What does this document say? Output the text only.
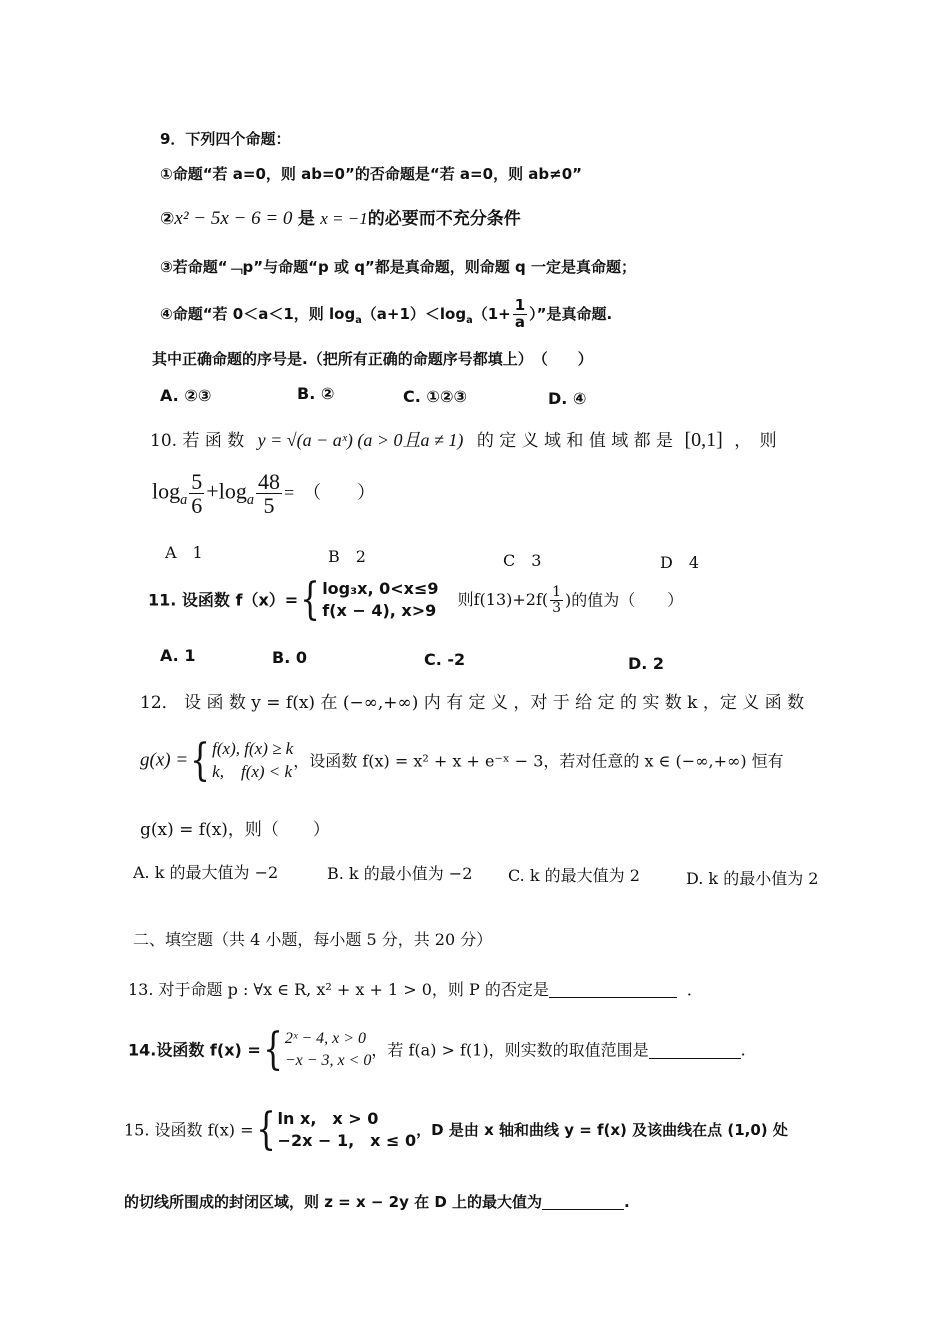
9．下列四个命题：
①命题“若 a=0，则 ab=0”的否命题是“若 a=0，则 ab≠0”
②x² − 5x − 6 = 0 是 x = −1的必要而不充分条件
③若命题“﹁p”与命题“p 或 q”都是真命题，则命题 q 一定是真命题；
④命题“若 0＜a＜1，则 $\log_a(a+1)<\log_a(1+ \frac{1}{a}$ ）”是真命题.
其中正确命题的序号是.（把所有正确的命题序号都填上）　（　　）
A. ②③	B. ②	C. ①②③	D. ④
10. 若 函 数 y = √(a − aˣ) (a > 0且a ≠ 1) 的 定 义 域 和 值 域 都 是 [0,1] ，　则
$\log_a \frac{5}{6} +\log_a \frac{48}{5}$ =　（　　）
A　1	B　2	C　3	D　4
11. 设函数 f（x）={ log₃x, 0<x≤9
f(x − 4), x>9
则$f(13)+2f( \frac{1}{3}$ )的值为（　　）
A. 1	B. 0	C. -2	D. 2
12． 设 函 数 y = f(x) 在 (−∞,+∞) 内 有 定 义 ，对 于 给 定 的 实 数 k ，定 义 函 数
g(x) ={ f(x), f(x) ≥ k
k,　f(x) < k
，设函数 f(x) = x² + x + e⁻ˣ − 3，若对任意的 x ∈ (−∞,+∞) 恒有
g(x) = f(x)，则（　　）
A. k 的最大值为 −2	B. k 的最小值为 −2 C. k 的最大值为 2	D. k 的最小值为 2
二、填空题（共 4 小题，每小题 5 分，共 20 分）
13. 对于命题 p : ∀x ∈ R, x² + x + 1 > 0，则 P 的否定是	．
14.设函数 f(x) ={ 2ˣ − 4, x > 0
−x − 3, x < 0
，若 f(a) > f(1)，则实数的取值范围是	.
15. 设函数 f(x) ={ ln x,　x > 0
−2x − 1,　x ≤ 0
，D 是由 x 轴和曲线 y = f(x) 及该曲线在点 (1,0) 处
的切线所围成的封闭区域，则 z = x − 2y 在 D 上的最大值为	.
